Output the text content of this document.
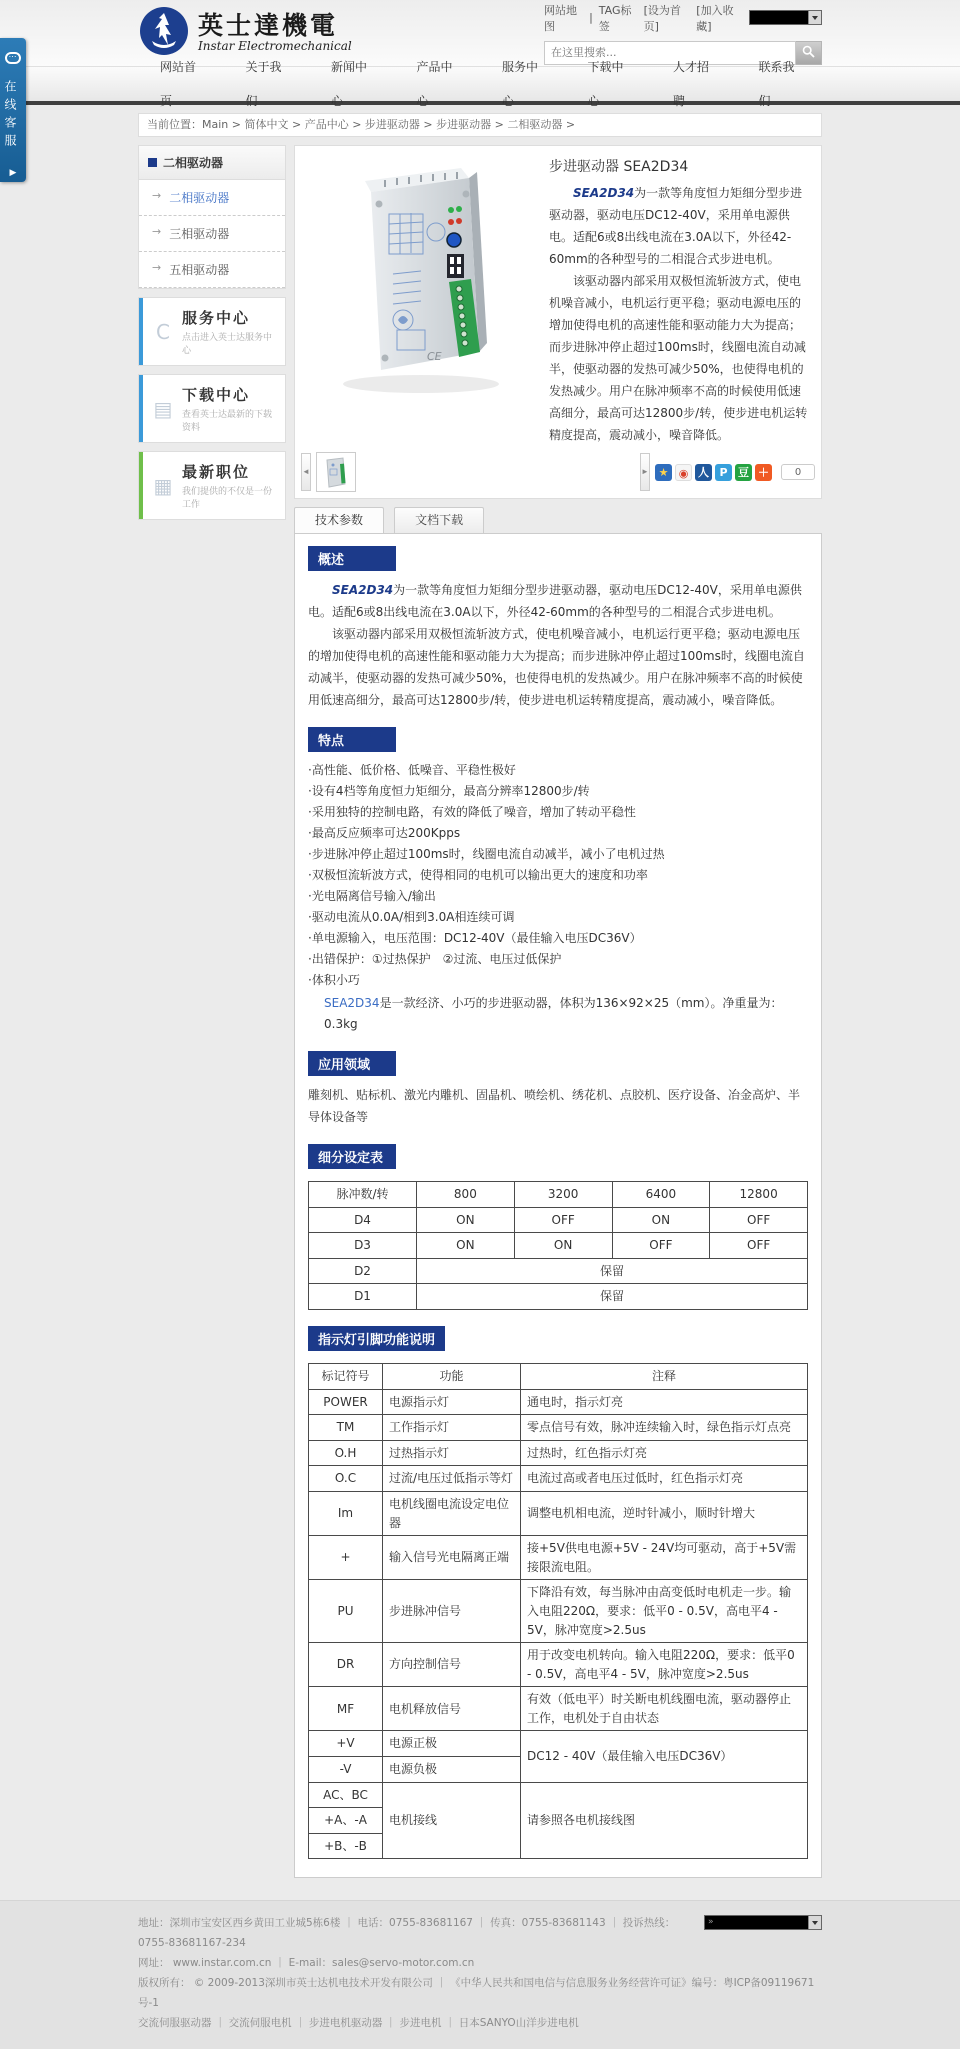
⋯
在线客服
▶
英士達機電
Instar Electromechanical
网站地图
|
TAG标签
[设为首页]
[加入收藏]
在这里搜索...
网站首页
关于我们
新闻中心
产品中心
服务中心
下载中心
人才招聘
联系我们
当前位置：Main > 简体中文 > 产品中心 > 步进驱动器 > 步进驱动器 > 二相驱动器 >
二相驱动器
→ 二相驱动器
→ 三相驱动器
→ 五相驱动器
C
服务中心
点击进入英士达服务中心
▤
下载中心
查看英士达最新的下载资料
▦
最新职位
我们提供的不仅是一份工作
CE
步进驱动器 SEA2D34

SEA2D34为一款等角度恒力矩细分型步进驱动器，驱动电压DC12-40V，采用单电源供电。适配6或8出线电流在3.0A以下，外径42-60mm的各种型号的二相混合式步进电机。

该驱动器内部采用双极恒流斩波方式，使电机噪音减小，电机运行更平稳；驱动电源电压的增加使得电机的高速性能和驱动能力大为提高；而步进脉冲停止超过100ms时，线圈电流自动减半，使驱动器的发热可减少50%，也使得电机的发热减少。用户在脉冲频率不高的时候使用低速高细分，最高可达12800步/转，使步进电机运转精度提高，震动减小，噪音降低。

◄	► ★ ◉ 人 P 豆 ＋	0
技术参数	文档下载
概述

SEA2D34为一款等角度恒力矩细分型步进驱动器，驱动电压DC12-40V，采用单电源供电。适配6或8出线电流在3.0A以下，外径42-60mm的各种型号的二相混合式步进电机。

该驱动器内部采用双极恒流斩波方式，使电机噪音减小，电机运行更平稳；驱动电源电压的增加使得电机的高速性能和驱动能力大为提高；而步进脉冲停止超过100ms时，线圈电流自动减半，使驱动器的发热可减少50%，也使得电机的发热减少。用户在脉冲频率不高的时候使用低速高细分，最高可达12800步/转，使步进电机运转精度提高，震动减小，噪音降低。

特点
·高性能、低价格、低噪音、平稳性极好
·设有4档等角度恒力矩细分，最高分辨率12800步/转
·采用独特的控制电路，有效的降低了噪音，增加了转动平稳性
·最高反应频率可达200Kpps
·步进脉冲停止超过100ms时，线圈电流自动减半，减小了电机过热
·双极恒流斩波方式，使得相同的电机可以输出更大的速度和功率
·光电隔离信号输入/输出
·驱动电流从0.0A/相到3.0A相连续可调
·单电源输入，电压范围：DC12-40V（最佳输入电压DC36V）
·出错保护：①过热保护　②过流、电压过低保护
·体积小巧

SEA2D34是一款经济、小巧的步进驱动器，体积为136×92×25（mm）。净重量为：0.3kg

应用领域

雕刻机、贴标机、激光内雕机、固晶机、喷绘机、绣花机、点胶机、医疗设备、冶金高炉、半导体设备等

细分设定表
脉冲数/转	800	3200	6400	12800
D4	ON	OFF	ON	OFF
D3	ON	ON	OFF	OFF
D2	保留			
D1	保留			
指示灯引脚功能说明
标记符号	功能	注释
POWER	电源指示灯	通电时，指示灯亮
TM	工作指示灯	零点信号有效，脉冲连续输入时，绿色指示灯点亮
O.H	过热指示灯	过热时，红色指示灯亮
O.C	过流/电压过低指示等灯	电流过高或者电压过低时，红色指示灯亮
Im	电机线圈电流设定电位器	调整电机相电流，逆时针减小，顺时针增大
+	输入信号光电隔离正端	接+5V供电电源+5V - 24V均可驱动，高于+5V需接限流电阻。
PU	步进脉冲信号	下降沿有效，每当脉冲由高变低时电机走一步。输入电阻220Ω，要求：低平0 - 0.5V，高电平4 - 5V，脉冲宽度>2.5us
DR	方向控制信号	用于改变电机转向。输入电阻220Ω，要求：低平0 - 0.5V，高电平4 - 5V，脉冲宽度>2.5us
MF	电机释放信号	有效（低电平）时关断电机线圈电流，驱动器停止工作，电机处于自由状态
+V	电源正极	DC12 - 40V（最佳输入电压DC36V）
-V	电源负极	
AC、BC	电机接线	请参照各电机接线图
+A、-A		
+B、-B		
»

地址：深圳市宝安区西乡黄田工业城5栋6楼 ｜ 电话：0755-83681167 ｜ 传真：0755-83681143 ｜ 投诉热线：0755-83681167-234

网址： www.instar.com.cn ｜ E-mail：sales@servo-motor.com.cn

版权所有： © 2009-2013深圳市英士达机电技术开发有限公司 ｜ 《中华人民共和国电信与信息服务业务经营许可证》编号：粤ICP备09119671号-1

交流伺服驱动器 ｜ 交流伺服电机 ｜ 步进电机驱动器 ｜ 步进电机 ｜ 日本SANYO山洋步进电机
